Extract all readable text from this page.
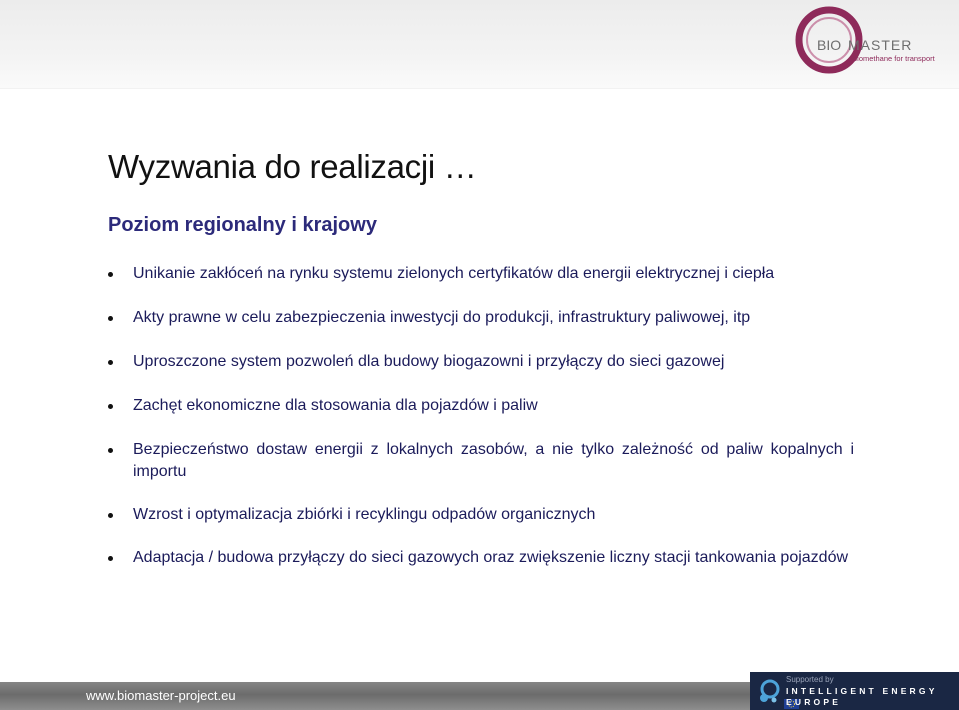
BIO MASTER
biomethane for transport
Wyzwania do realizacji …
Poziom regionalny i krajowy
Unikanie zakłóceń na rynku systemu zielonych certyfikatów dla energii elektrycznej i ciepła
Akty prawne w celu zabezpieczenia inwestycji do produkcji, infrastruktury paliwowej, itp
Uproszczone system pozwoleń dla budowy biogazowni i przyłączy do sieci gazowej
Zachęt ekonomiczne dla stosowania dla pojazdów i paliw
Bezpieczeństwo dostaw energii z lokalnych zasobów, a nie tylko zależność od paliw kopalnych i importu
Wzrost i optymalizacja zbiórki i recyklingu odpadów organicznych
Adaptacja / budowa przyłączy do sieci gazowych oraz zwiększenie liczny stacji tankowania pojazdów
www.biomaster-project.eu
Supported by
INTELLIGENT ENERGY
EUROPE
